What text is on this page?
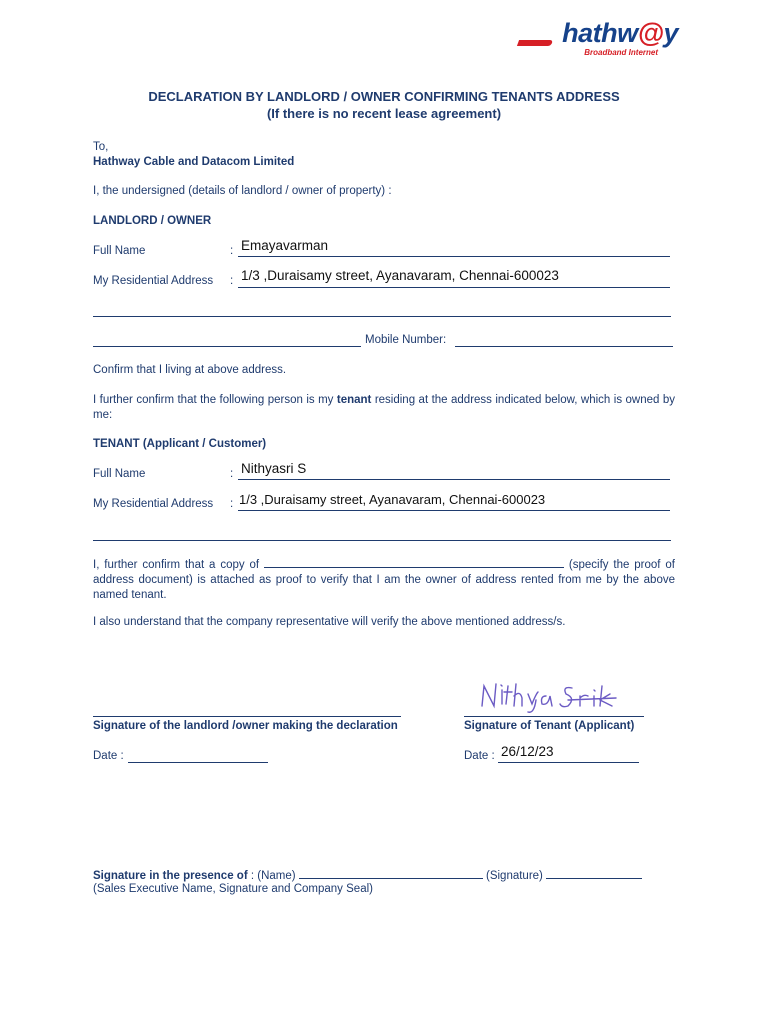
hathw@y
Broadband Internet
DECLARATION BY LANDLORD / OWNER CONFIRMING TENANTS ADDRESS
(If there is no recent lease agreement)
To,
Hathway Cable and Datacom Limited
I, the undersigned (details of landlord / owner of property) :
LANDLORD / OWNER
Full Name	: Emayavarman
My Residential Address : 1/3 ,Duraisamy street, Ayanavaram, Chennai-600023
Mobile Number:
Confirm that I living at above address.
I further confirm that the following person is my tenant residing at the address indicated below, which is owned by me:
TENANT (Applicant / Customer)
Full Name	: Nithyasri S
My Residential Address : 1/3 ,Duraisamy street, Ayanavaram, Chennai-600023
I, further confirm that a copy of	(specify the proof of address document) is attached as proof to verify that I am the owner of address rented from me by the above named tenant.
I also understand that the company representative will verify the above mentioned address/s.
Signature of the landlord /owner making the declaration	Signature of Tenant (Applicant)
Date :	Date : 26/12/23
Signature in the presence of : (Name)	(Signature)
(Sales Executive Name, Signature and Company Seal)
